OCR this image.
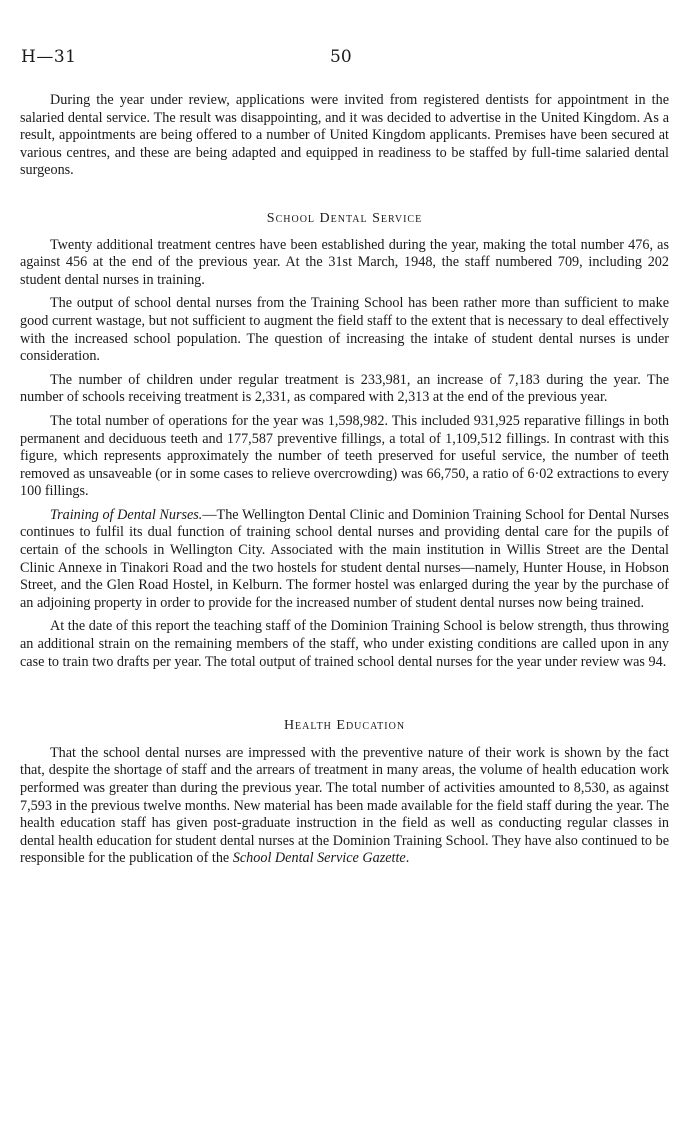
H—31	50

During the year under review, applications were invited from registered dentists for appointment in the salaried dental service. The result was disappointing, and it was decided to advertise in the United Kingdom. As a result, appointments are being offered to a number of United Kingdom applicants. Premises have been secured at various centres, and these are being adapted and equipped in readiness to be staffed by full-time salaried dental surgeons.

School Dental Service

Twenty additional treatment centres have been established during the year, making the total number 476, as against 456 at the end of the previous year. At the 31st March, 1948, the staff numbered 709, including 202 student dental nurses in training.

The output of school dental nurses from the Training School has been rather more than sufficient to make good current wastage, but not sufficient to augment the field staff to the extent that is necessary to deal effectively with the increased school population. The question of increasing the intake of student dental nurses is under consideration.

The number of children under regular treatment is 233,981, an increase of 7,183 during the year. The number of schools receiving treatment is 2,331, as compared with 2,313 at the end of the previous year.

The total number of operations for the year was 1,598,982. This included 931,925 reparative fillings in both permanent and deciduous teeth and 177,587 preventive fillings, a total of 1,109,512 fillings. In contrast with this figure, which represents approximately the number of teeth preserved for useful service, the number of teeth removed as unsaveable (or in some cases to relieve overcrowding) was 66,750, a ratio of 6·02 extractions to every 100 fillings.

Training of Dental Nurses.—The Wellington Dental Clinic and Dominion Training School for Dental Nurses continues to fulfil its dual function of training school dental nurses and providing dental care for the pupils of certain of the schools in Wellington City. Associated with the main institution in Willis Street are the Dental Clinic Annexe in Tinakori Road and the two hostels for student dental nurses—namely, Hunter House, in Hobson Street, and the Glen Road Hostel, in Kelburn. The former hostel was enlarged during the year by the purchase of an adjoining property in order to provide for the increased number of student dental nurses now being trained.

At the date of this report the teaching staff of the Dominion Training School is below strength, thus throwing an additional strain on the remaining members of the staff, who under existing conditions are called upon in any case to train two drafts per year. The total output of trained school dental nurses for the year under review was 94.

Health Education

That the school dental nurses are impressed with the preventive nature of their work is shown by the fact that, despite the shortage of staff and the arrears of treatment in many areas, the volume of health education work performed was greater than during the previous year. The total number of activities amounted to 8,530, as against 7,593 in the previous twelve months. New material has been made available for the field staff during the year. The health education staff has given post-graduate instruction in the field as well as conducting regular classes in dental health education for student dental nurses at the Dominion Training School. They have also continued to be responsible for the publication of the School Dental Service Gazette.
